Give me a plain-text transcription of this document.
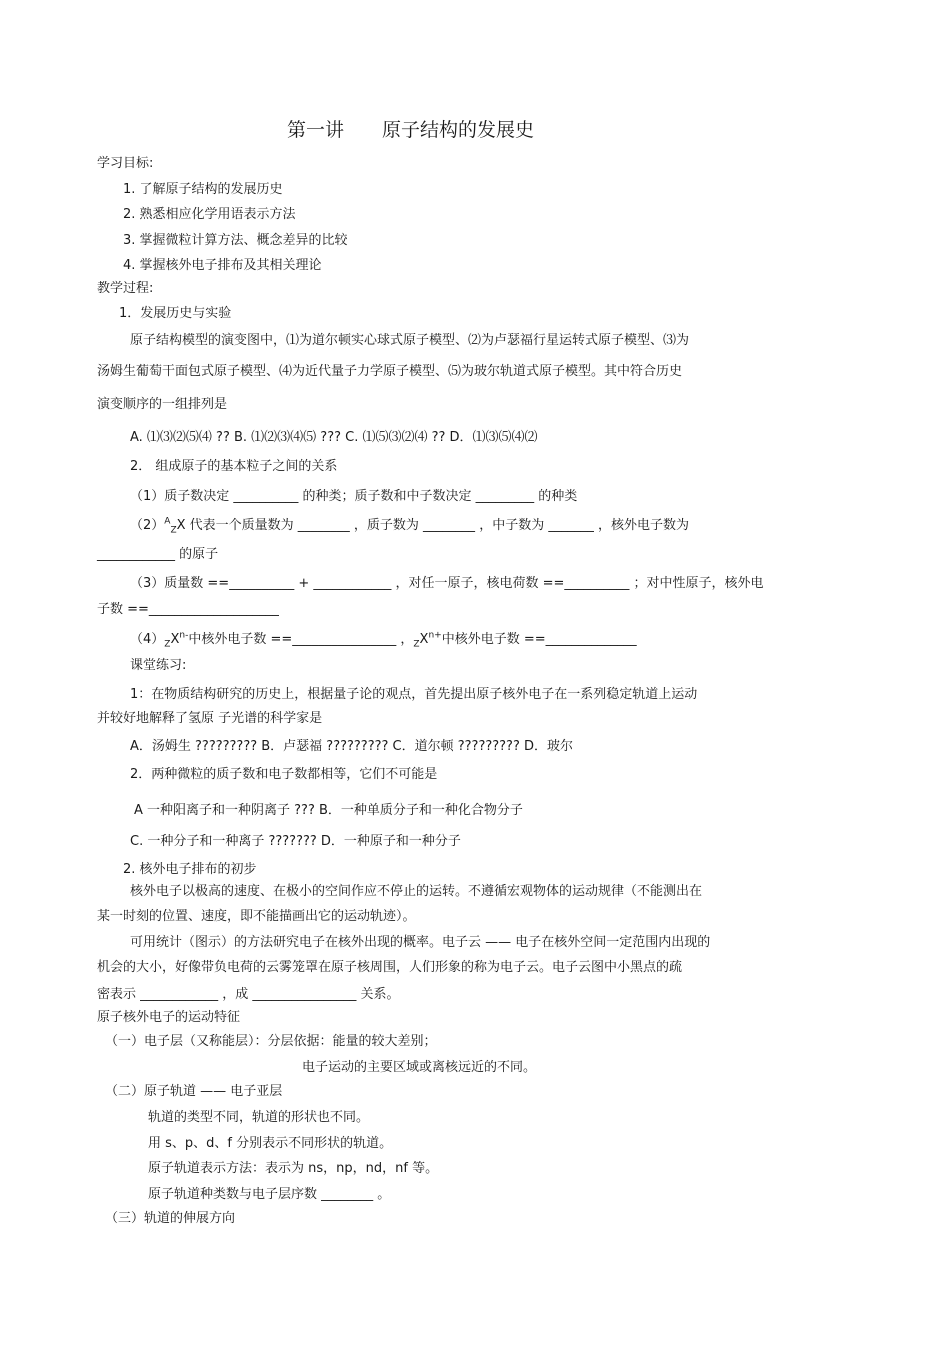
第一讲 原子结构的发展史
学习目标:
1. 了解原子结构的发展历史
2. 熟悉相应化学用语表示方法
3. 掌握微粒计算方法、概念差异的比较
4. 掌握核外电子排布及其相关理论
教学过程:
1．发展历史与实验
原子结构模型的演变图中，⑴为道尔顿实心球式原子模型、⑵为卢瑟福行星运转式原子模型、⑶为
汤姆生葡萄干面包式原子模型、⑷为近代量子力学原子模型、⑸为玻尔轨道式原子模型。其中符合历史
演变顺序的一组排列是
A. ⑴⑶⑵⑸⑷ ?? B. ⑴⑵⑶⑷⑸ ??? C. ⑴⑸⑶⑵⑷ ?? D．⑴⑶⑸⑷⑵
2． 组成原子的基本粒子之间的关系
（1）质子数决定 __________ 的种类；质子数和中子数决定 _________ 的种类
$(2)^A_ZX$ 代表一个质量数为 ________ ，质子数为 ________ ，中子数为 _______ ，核外电子数为
____________ 的原子
（3）质量数 ==__________ + ____________ ，对任一原子，核电荷数 ==__________ ；对中性原子，核外电
子数 ==____________________
$(4)_ZX^{n-}$中核外电子数 ==________________ ，$_ZX^{n+}$中核外电子数 ==______________
课堂练习:
1：在物质结构研究的历史上，根据量子论的观点，首先提出原子核外电子在一系列稳定轨道上运动
并较好地解释了氢原 子光谱的科学家是
A．汤姆生 ????????? B．卢瑟福 ????????? C．道尔顿 ????????? D．玻尔
2．两种微粒的质子数和电子数都相等，它们不可能是
A 一种阳离子和一种阴离子 ??? B．一种单质分子和一种化合物分子
C. 一种分子和一种离子 ??????? D．一种原子和一种分子
2. 核外电子排布的初步
核外电子以极高的速度、在极小的空间作应不停止的运转。不遵循宏观物体的运动规律（不能测出在
某一时刻的位置、速度，即不能描画出它的运动轨迹）。
可用统计（图示）的方法研究电子在核外出现的概率。电子云 —— 电子在核外空间一定范围内出现的
机会的大小，好像带负电荷的云雾笼罩在原子核周围，人们形象的称为电子云。电子云图中小黑点的疏
密表示 ____________ ，成 ________________ 关系。
原子核外电子的运动特征
（一）电子层（又称能层）：分层依据：能量的较大差别；
电子运动的主要区域或离核远近的不同。
（二）原子轨道 —— 电子亚层
轨道的类型不同，轨道的形状也不同。
用 s、p、d、f 分别表示不同形状的轨道。
原子轨道表示方法：表示为 ns，np，nd，nf 等。
原子轨道种类数与电子层序数 ________ 。
（三）轨道的伸展方向
